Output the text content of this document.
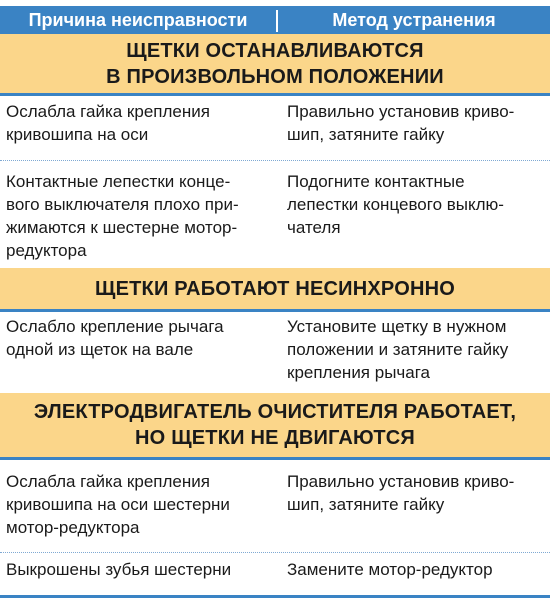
Причина неисправности	Метод устранения
ЩЕТКИ ОСТАНАВЛИВАЮТСЯ
В ПРОИЗВОЛЬНОМ ПОЛОЖЕНИИ
Ослабла гайка крепления
кривошипа на оси
Правильно установив криво-
шип, затяните гайку
Контактные лепестки концe-
вого выключателя плохо при-
жимаются к шестерне мотор-
редуктора
Подогните контактные
лепестки концевого выклю-
чателя
ЩЕТКИ РАБОТАЮТ НЕСИНХРОННО
Ослабло крепление рычага
одной из щеток на вале
Установите щетку в нужном
положении и затяните гайку
крепления рычага
ЭЛЕКТРОДВИГАТЕЛЬ ОЧИСТИТЕЛЯ РАБОТАЕТ,
НО ЩЕТКИ НЕ ДВИГАЮТСЯ
Ослабла гайка крепления
кривошипа на оси шестерни
мотор-редуктора
Правильно установив криво-
шип, затяните гайку
Выкрошены зубья шестерни	Замените мотор-редуктор
